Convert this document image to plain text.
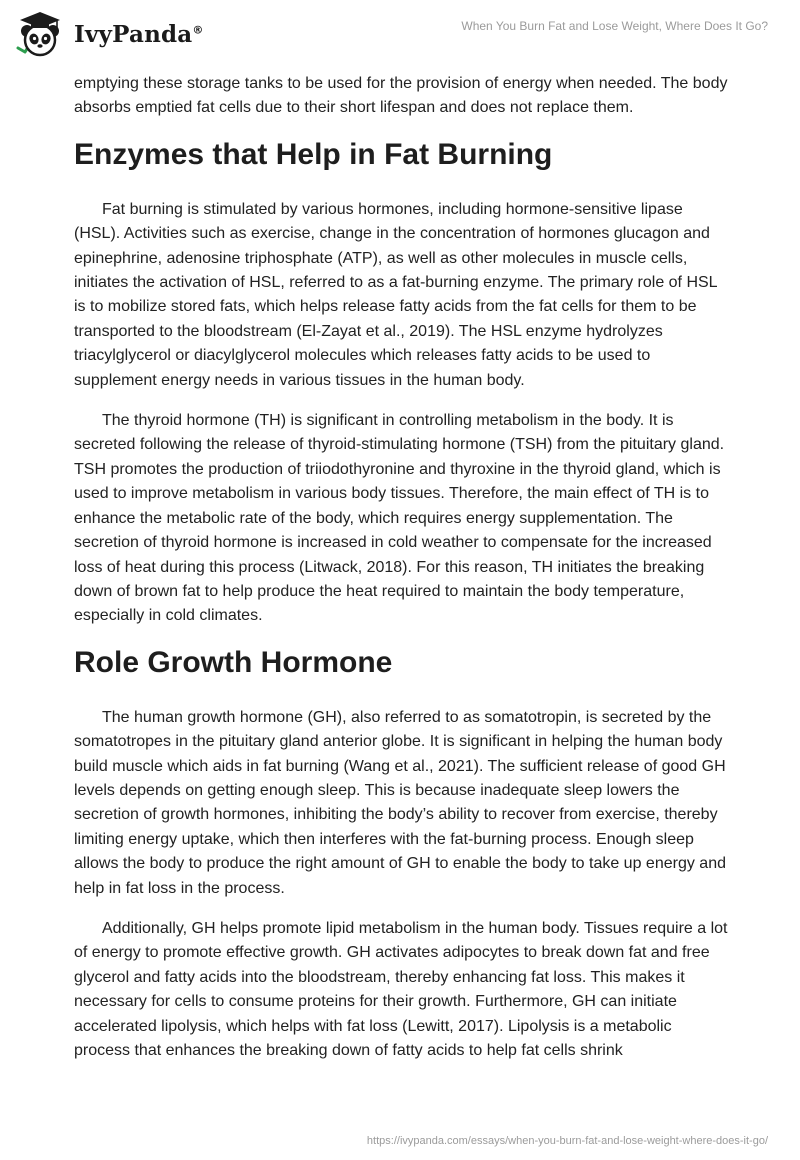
IvyPanda®	When You Burn Fat and Lose Weight, Where Does It Go?

emptying these storage tanks to be used for the provision of energy when needed. The body absorbs emptied fat cells due to their short lifespan and does not replace them.

Enzymes that Help in Fat Burning

Fat burning is stimulated by various hormones, including hormone-sensitive lipase (HSL). Activities such as exercise, change in the concentration of hormones glucagon and epinephrine, adenosine triphosphate (ATP), as well as other molecules in muscle cells, initiates the activation of HSL, referred to as a fat-burning enzyme. The primary role of HSL is to mobilize stored fats, which helps release fatty acids from the fat cells for them to be transported to the bloodstream (El-Zayat et al., 2019). The HSL enzyme hydrolyzes triacylglycerol or diacylglycerol molecules which releases fatty acids to be used to supplement energy needs in various tissues in the human body.

The thyroid hormone (TH) is significant in controlling metabolism in the body. It is secreted following the release of thyroid-stimulating hormone (TSH) from the pituitary gland. TSH promotes the production of triiodothyronine and thyroxine in the thyroid gland, which is used to improve metabolism in various body tissues. Therefore, the main effect of TH is to enhance the metabolic rate of the body, which requires energy supplementation. The secretion of thyroid hormone is increased in cold weather to compensate for the increased loss of heat during this process (Litwack, 2018). For this reason, TH initiates the breaking down of brown fat to help produce the heat required to maintain the body temperature, especially in cold climates.

Role Growth Hormone

The human growth hormone (GH), also referred to as somatotropin, is secreted by the somatotropes in the pituitary gland anterior globe. It is significant in helping the human body build muscle which aids in fat burning (Wang et al., 2021). The sufficient release of good GH levels depends on getting enough sleep. This is because inadequate sleep lowers the secretion of growth hormones, inhibiting the body’s ability to recover from exercise, thereby limiting energy uptake, which then interferes with the fat-burning process. Enough sleep allows the body to produce the right amount of GH to enable the body to take up energy and help in fat loss in the process.

Additionally, GH helps promote lipid metabolism in the human body. Tissues require a lot of energy to promote effective growth. GH activates adipocytes to break down fat and free glycerol and fatty acids into the bloodstream, thereby enhancing fat loss. This makes it necessary for cells to consume proteins for their growth. Furthermore, GH can initiate accelerated lipolysis, which helps with fat loss (Lewitt, 2017). Lipolysis is a metabolic process that enhances the breaking down of fatty acids to help fat cells shrink

https://ivypanda.com/essays/when-you-burn-fat-and-lose-weight-where-does-it-go/
